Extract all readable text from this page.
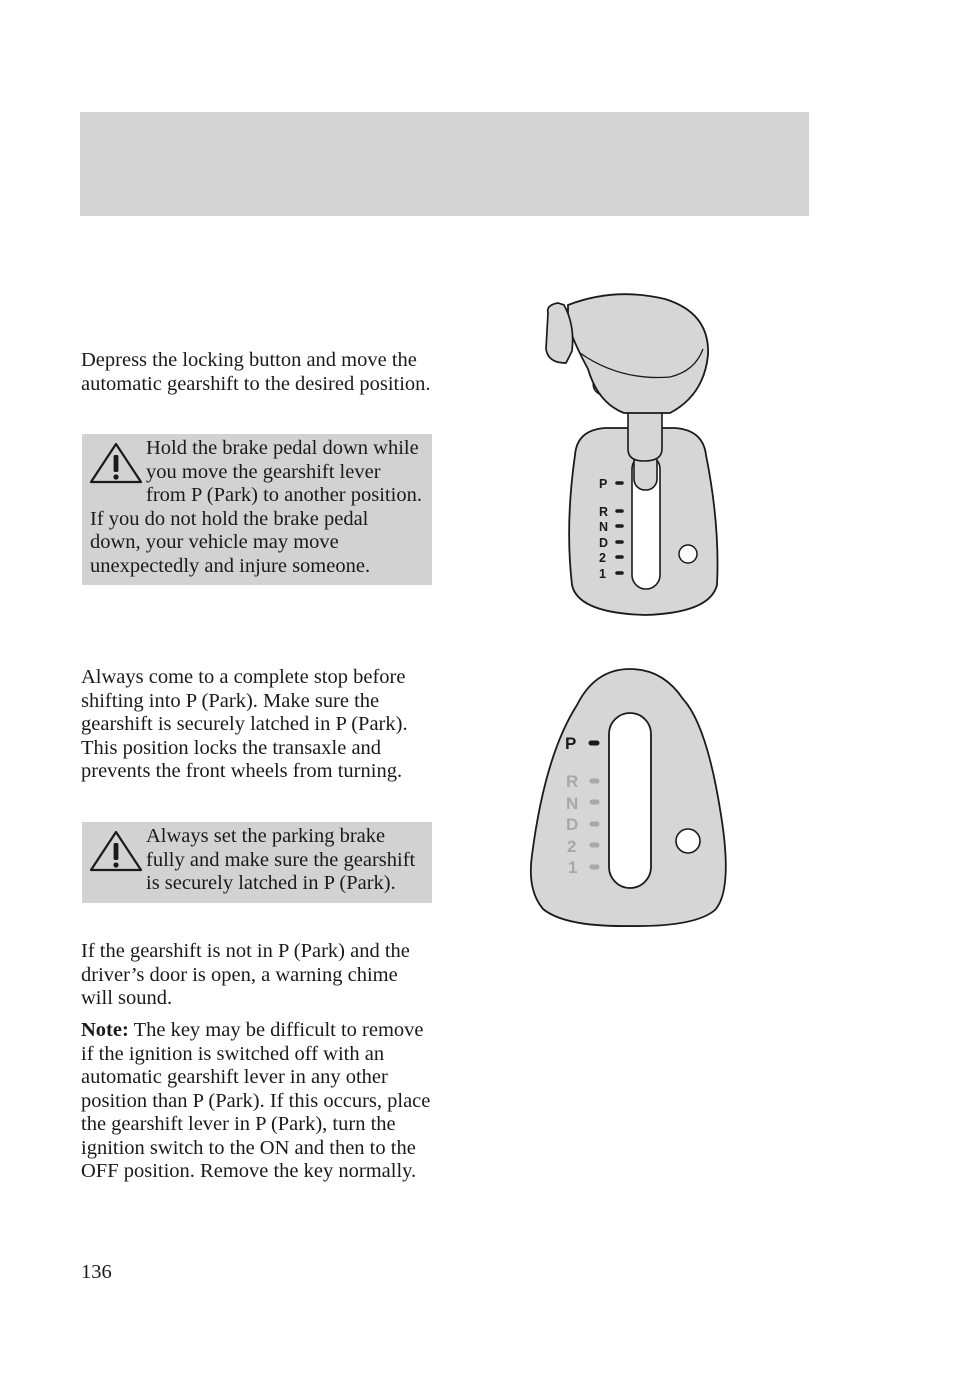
Depress the locking button and move the automatic gearshift to the desired position.

Hold the brake pedal down while you move the gearshift lever from P (Park) to another position. If you do not hold the brake pedal down, your vehicle may move unexpectedly and injure someone.

Always come to a complete stop before shifting into P (Park). Make sure the gearshift is securely latched in P (Park). This position locks the transaxle and prevents the front wheels from turning.

Always set the parking brake fully and make sure the gearshift is securely latched in P (Park).

If the gearshift is not in P (Park) and the driver’s door is open, a warning chime will sound.

Note: The key may be difficult to remove if the ignition is switched off with an automatic gearshift lever in any other position than P (Park). If this occurs, place the gearshift lever in P (Park), turn the ignition switch to the ON and then to the OFF position. Remove the key normally.

136
P
R
N
D
2
1
P
R
N
D
2
1
